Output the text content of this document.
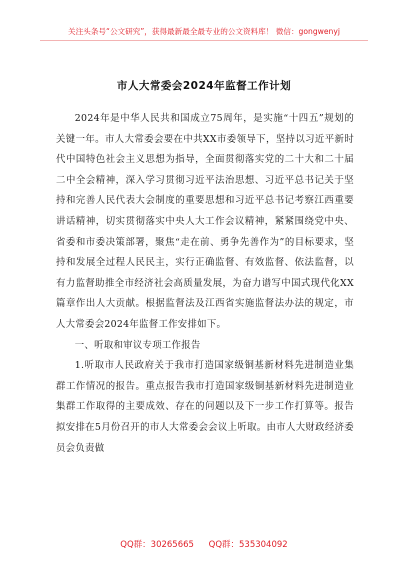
关注头条号“公文研究”，获得最新最全最专业的公文资料库！ 微信：gongwenyj
市人大常委会2024年监督工作计划

2024年是中华人民共和国成立75周年，是实施“十四五”规划的关键一年。市人大常委会要在中共XX市委领导下，坚持以习近平新时代中国特色社会主义思想为指导，全面贯彻落实党的二十大和二十届二中全会精神，深入学习贯彻习近平法治思想、习近平总书记关于坚持和完善人民代表大会制度的重要思想和习近平总书记考察江西重要讲话精神，切实贯彻落实中央人大工作会议精神，紧紧围绕党中央、省委和市委决策部署，聚焦“走在前、勇争先善作为”的目标要求，坚持和发展全过程人民民主，实行正确监督、有效监督、依法监督，以有力监督助推全市经济社会高质量发展，为奋力谱写中国式现代化XX篇章作出人大贡献。根据监督法及江西省实施监督法办法的规定，市人大常委会2024年监督工作安排如下。

一、听取和审议专项工作报告

1.听取市人民政府关于我市打造国家级铜基新材料先进制造业集群工作情况的报告。重点报告我市打造国家级铜基新材料先进制造业集群工作取得的主要成效、存在的问题以及下一步工作打算等。报告拟安排在5月份召开的市人大常委会会议上听取。由市人大财政经济委员会负责做

QQ群：30265665 QQ群：535304092
